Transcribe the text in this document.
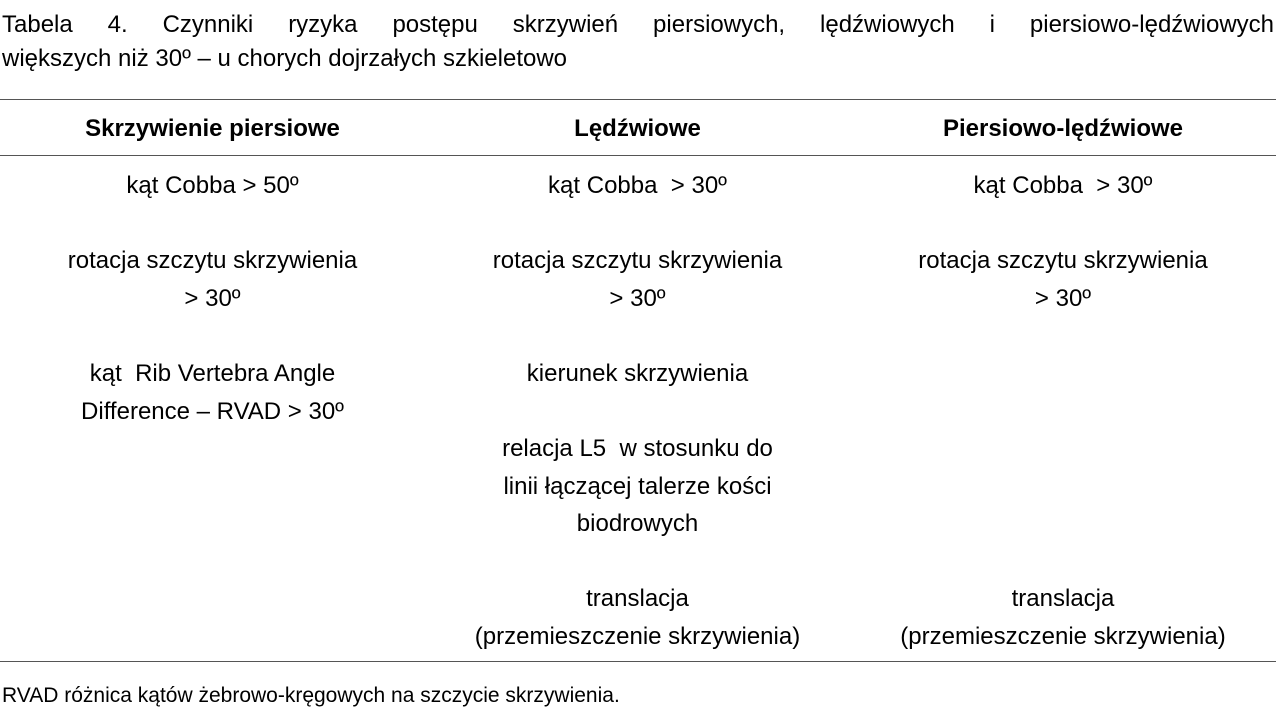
Tabela 4. Czynniki ryzyka postępu skrzywień piersiowych, lędźwiowych i piersiowo-lędźwiowych
większych niż 30º – u chorych dojrzałych szkieletowo
Skrzywienie piersiowe	Lędźwiowe	Piersiowo-lędźwiowe
kąt Cobba > 50º
rotacja szczytu skrzywienia
> 30º
kąt  Rib Vertebra Angle
Difference – RVAD > 30º
kąt Cobba  > 30º
rotacja szczytu skrzywienia
> 30º
kierunek skrzywienia
relacja L5  w stosunku do
linii łączącej talerze kości
biodrowych
translacja
(przemieszczenie skrzywienia)
kąt Cobba  > 30º
rotacja szczytu skrzywienia
> 30º
translacja
(przemieszczenie skrzywienia)
RVAD różnica kątów żebrowo-kręgowych na szczycie skrzywienia.
